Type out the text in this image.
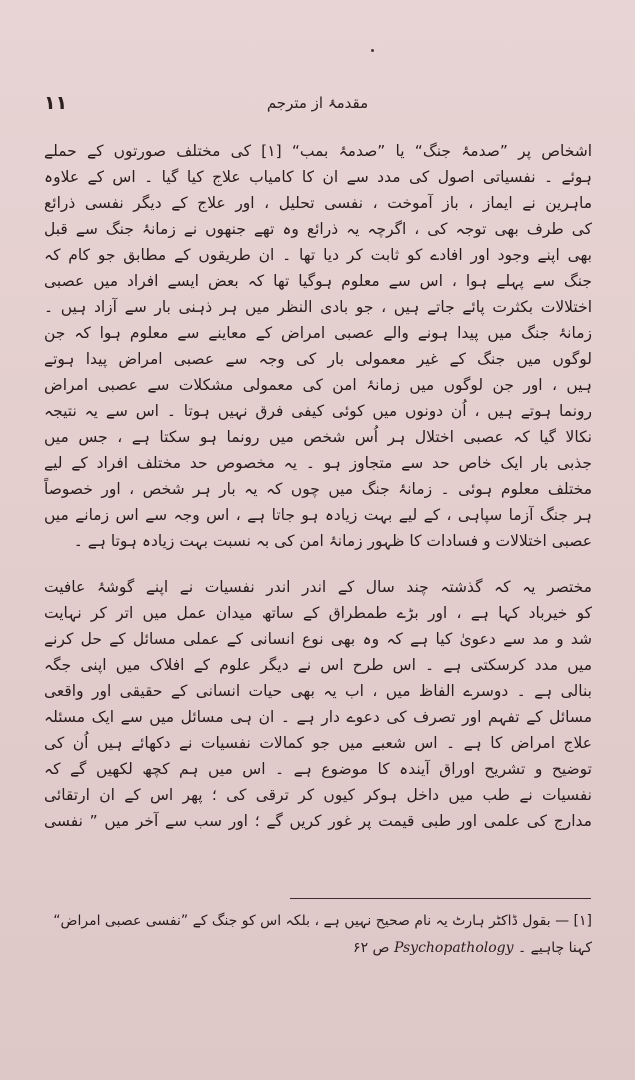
۱۱	مقدمۂ از مترجم
اشخاص پر ”صدمۂ جنگ“ یا ”صدمۂ بمب“ [۱] کی مختلف صورتوں کے حملے
ہوئے ۔ نفسیاتی اصول کی مدد سے ان کا کامیاب علاج کیا گیا ۔ اس کے علاوہ
ماہرین نے ایماز ، باز آموخت ، نفسی تحلیل ، اور علاج کے دیگر نفسی ذرائع
کی طرف بھی توجہ کی ، اگرچہ یہ ذرائع وہ تھے جنھوں نے زمانۂ جنگ سے قبل
بھی اپنے وجود اور افادے کو ثابت کر دیا تھا ۔ ان طریقوں کے مطابق جو کام کہ
جنگ سے پہلے ہوا ، اس سے معلوم ہوگیا تھا کہ بعض ایسے افراد میں عصبی
اختلالات بکثرت پائے جاتے ہیں ، جو بادی النظر میں ہر ذہنی بار سے آزاد ہیں ۔
زمانۂ جنگ میں پیدا ہونے والے عصبی امراض کے معاینے سے معلوم ہوا کہ جن
لوگوں میں جنگ کے غیر معمولی بار کی وجہ سے عصبی امراض پیدا ہوتے
ہیں ، اور جن لوگوں میں زمانۂ امن کی معمولی مشکلات سے عصبی امراض
رونما ہوتے ہیں ، اُن دونوں میں کوئی کیفی فرق نہیں ہوتا ۔ اس سے یہ نتیجہ
نکالا گیا کہ عصبی اختلال ہر اُس شخص میں رونما ہو سکتا ہے ، جس میں
جذبی بار ایک خاص حد سے متجاوز ہو ۔ یہ مخصوص حد مختلف افراد کے لیے
مختلف معلوم ہوئی ۔ زمانۂ جنگ میں چوں کہ یہ بار ہر شخص ، اور خصوصاً
ہر جنگ آزما سپاہی ، کے لیے بہت زیادہ ہو جاتا ہے ، اس وجہ سے اس زمانے میں
عصبی اختلالات و فسادات کا ظہور زمانۂ امن کی بہ نسبت بہت زیادہ ہوتا ہے ۔
مختصر یہ کہ گذشتہ چند سال کے اندر اندر نفسیات نے اپنے گوشۂ عافیت
کو خیرباد کہا ہے ، اور بڑے طمطراق کے ساتھ میدان عمل میں اتر کر نہایت
شد و مد سے دعویٰ کیا ہے کہ وہ بھی نوع انسانی کے عملی مسائل کے حل کرنے
میں مدد کرسکتی ہے ۔ اس طرح اس نے دیگر علوم کے افلاک میں اپنی جگہ
بنالی ہے ۔ دوسرے الفاظ میں ، اب یہ بھی حیات انسانی کے حقیقی اور واقعی
مسائل کے تفہم اور تصرف کی دعوے دار ہے ۔ ان ہی مسائل میں سے ایک مسئلہ
علاج امراض کا ہے ۔ اس شعبے میں جو کمالات نفسیات نے دکھائے ہیں اُن کی
توضیح و تشریح اوراق آیندہ کا موضوع ہے ۔ اس میں ہم کچھ لکھیں گے کہ
نفسیات نے طب میں داخل ہوکر کیوں کر ترقی کی ؛ پھر اس کے ان ارتقائی
مدارج کی علمی اور طبی قیمت پر غور کریں گے ؛ اور سب سے آخر میں ” نفسی
[۱] — بقول ڈاکٹر ہارٹ یہ نام صحیح نہیں ہے ، بلکہ اس کو جنگ کے ”نفسی عصبی امراض“
کہنا چاہیے ۔ Psychopathology ص ۶۲
